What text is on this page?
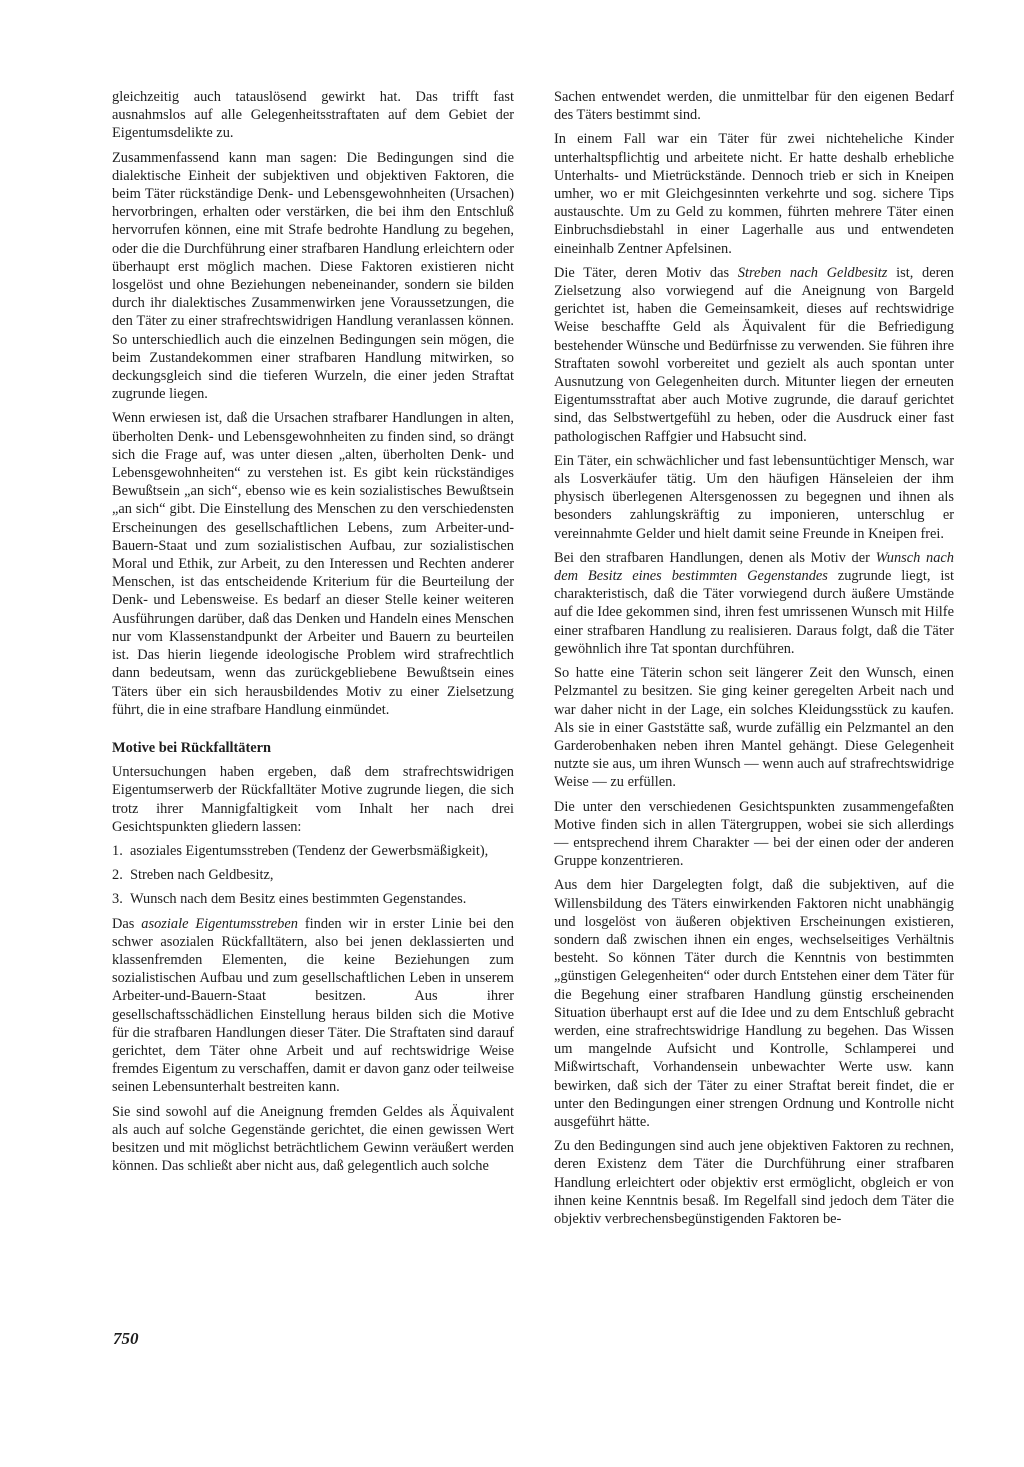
gleichzeitig auch tatauslösend gewirkt hat. Das trifft fast ausnahmslos auf alle Gelegenheitsstraftaten auf dem Gebiet der Eigentumsdelikte zu.

Zusammenfassend kann man sagen: Die Bedingungen sind die dialektische Einheit der subjektiven und objektiven Faktoren, die beim Täter rückständige Denk- und Lebensgewohnheiten (Ursachen) hervorbringen, erhalten oder verstärken, die bei ihm den Entschluß hervorrufen können, eine mit Strafe bedrohte Handlung zu begehen, oder die die Durchführung einer strafbaren Handlung erleichtern oder überhaupt erst möglich machen. Diese Faktoren existieren nicht losgelöst und ohne Beziehungen nebeneinander, sondern sie bilden durch ihr dialektisches Zusammenwirken jene Voraussetzungen, die den Täter zu einer strafrechtswidrigen Handlung veranlassen können. So unterschiedlich auch die einzelnen Bedingungen sein mögen, die beim Zustandekommen einer strafbaren Handlung mitwirken, so deckungsgleich sind die tieferen Wurzeln, die einer jeden Straftat zugrunde liegen.

Wenn erwiesen ist, daß die Ursachen strafbarer Handlungen in alten, überholten Denk- und Lebensgewohnheiten zu finden sind, so drängt sich die Frage auf, was unter diesen „alten, überholten Denk- und Lebensgewohnheiten“ zu verstehen ist. Es gibt kein rückständiges Bewußtsein „an sich“, ebenso wie es kein sozialistisches Bewußtsein „an sich“ gibt. Die Einstellung des Menschen zu den verschiedensten Erscheinungen des gesellschaftlichen Lebens, zum Arbeiter-und-Bauern-Staat und zum sozialistischen Aufbau, zur sozialistischen Moral und Ethik, zur Arbeit, zu den Interessen und Rechten anderer Menschen, ist das entscheidende Kriterium für die Beurteilung der Denk- und Lebensweise. Es bedarf an dieser Stelle keiner weiteren Ausführungen darüber, daß das Denken und Handeln eines Menschen nur vom Klassenstandpunkt der Arbeiter und Bauern zu beurteilen ist. Das hierin liegende ideologische Problem wird strafrechtlich dann bedeutsam, wenn das zurückgebliebene Bewußtsein eines Täters über ein sich herausbildendes Motiv zu einer Zielsetzung führt, die in eine strafbare Handlung einmündet.

Motive bei Rückfalltätern

Untersuchungen haben ergeben, daß dem strafrechtswidrigen Eigentumserwerb der Rückfalltäter Motive zugrunde liegen, die sich trotz ihrer Mannigfaltigkeit vom Inhalt her nach drei Gesichtspunkten gliedern lassen:

1. asoziales Eigentumsstreben (Tendenz der Gewerbsmäßigkeit),
2. Streben nach Geldbesitz,
3. Wunsch nach dem Besitz eines bestimmten Gegenstandes.

Das asoziale Eigentumsstreben finden wir in erster Linie bei den schwer asozialen Rückfalltätern, also bei jenen deklassierten und klassenfremden Elementen, die keine Beziehungen zum sozialistischen Aufbau und zum gesellschaftlichen Leben in unserem Arbeiter-und-Bauern-Staat besitzen. Aus ihrer gesellschaftsschädlichen Einstellung heraus bilden sich die Motive für die strafbaren Handlungen dieser Täter. Die Straftaten sind darauf gerichtet, dem Täter ohne Arbeit und auf rechtswidrige Weise fremdes Eigentum zu verschaffen, damit er davon ganz oder teilweise seinen Lebensunterhalt bestreiten kann.

Sie sind sowohl auf die Aneignung fremden Geldes als Äquivalent als auch auf solche Gegenstände gerichtet, die einen gewissen Wert besitzen und mit möglichst beträchtlichem Gewinn veräußert werden können. Das schließt aber nicht aus, daß gelegentlich auch solche

Sachen entwendet werden, die unmittelbar für den eigenen Bedarf des Täters bestimmt sind.

In einem Fall war ein Täter für zwei nichteheliche Kinder unterhaltspflichtig und arbeitete nicht. Er hatte deshalb erhebliche Unterhalts- und Mietrückstände. Dennoch trieb er sich in Kneipen umher, wo er mit Gleichgesinnten verkehrte und sog. sichere Tips austauschte. Um zu Geld zu kommen, führten mehrere Täter einen Einbruchsdiebstahl in einer Lagerhalle aus und entwendeten eineinhalb Zentner Apfelsinen.

Die Täter, deren Motiv das Streben nach Geldbesitz ist, deren Zielsetzung also vorwiegend auf die Aneignung von Bargeld gerichtet ist, haben die Gemeinsamkeit, dieses auf rechtswidrige Weise beschaffte Geld als Äquivalent für die Befriedigung bestehender Wünsche und Bedürfnisse zu verwenden. Sie führen ihre Straftaten sowohl vorbereitet und gezielt als auch spontan unter Ausnutzung von Gelegenheiten durch. Mitunter liegen der erneuten Eigentumsstraftat aber auch Motive zugrunde, die darauf gerichtet sind, das Selbstwertgefühl zu heben, oder die Ausdruck einer fast pathologischen Raffgier und Habsucht sind.

Ein Täter, ein schwächlicher und fast lebensuntüchtiger Mensch, war als Losverkäufer tätig. Um den häufigen Hänseleien der ihm physisch überlegenen Altersgenossen zu begegnen und ihnen als besonders zahlungskräftig zu imponieren, unterschlug er vereinnahmte Gelder und hielt damit seine Freunde in Kneipen frei.

Bei den strafbaren Handlungen, denen als Motiv der Wunsch nach dem Besitz eines bestimmten Gegenstandes zugrunde liegt, ist charakteristisch, daß die Täter vorwiegend durch äußere Umstände auf die Idee gekommen sind, ihren fest umrissenen Wunsch mit Hilfe einer strafbaren Handlung zu realisieren. Daraus folgt, daß die Täter gewöhnlich ihre Tat spontan durchführen.

So hatte eine Täterin schon seit längerer Zeit den Wunsch, einen Pelzmantel zu besitzen. Sie ging keiner geregelten Arbeit nach und war daher nicht in der Lage, ein solches Kleidungsstück zu kaufen. Als sie in einer Gaststätte saß, wurde zufällig ein Pelzmantel an den Garderobenhaken neben ihren Mantel gehängt. Diese Gelegenheit nutzte sie aus, um ihren Wunsch — wenn auch auf strafrechtswidrige Weise — zu erfüllen.

Die unter den verschiedenen Gesichtspunkten zusammengefaßten Motive finden sich in allen Tätergruppen, wobei sie sich allerdings — entsprechend ihrem Charakter — bei der einen oder der anderen Gruppe konzentrieren.

Aus dem hier Dargelegten folgt, daß die subjektiven, auf die Willensbildung des Täters einwirkenden Faktoren nicht unabhängig und losgelöst von äußeren objektiven Erscheinungen existieren, sondern daß zwischen ihnen ein enges, wechselseitiges Verhältnis besteht. So können Täter durch die Kenntnis von bestimmten „günstigen Gelegenheiten“ oder durch Entstehen einer dem Täter für die Begehung einer strafbaren Handlung günstig erscheinenden Situation überhaupt erst auf die Idee und zu dem Entschluß gebracht werden, eine strafrechtswidrige Handlung zu begehen. Das Wissen um mangelnde Aufsicht und Kontrolle, Schlamperei und Mißwirtschaft, Vorhandensein unbewachter Werte usw. kann bewirken, daß sich der Täter zu einer Straftat bereit findet, die er unter den Bedingungen einer strengen Ordnung und Kontrolle nicht ausgeführt hätte.

Zu den Bedingungen sind auch jene objektiven Faktoren zu rechnen, deren Existenz dem Täter die Durchführung einer strafbaren Handlung erleichtert oder objektiv erst ermöglicht, obgleich er von ihnen keine Kenntnis besaß. Im Regelfall sind jedoch dem Täter die objektiv verbrechensbegünstigenden Faktoren be-

750
